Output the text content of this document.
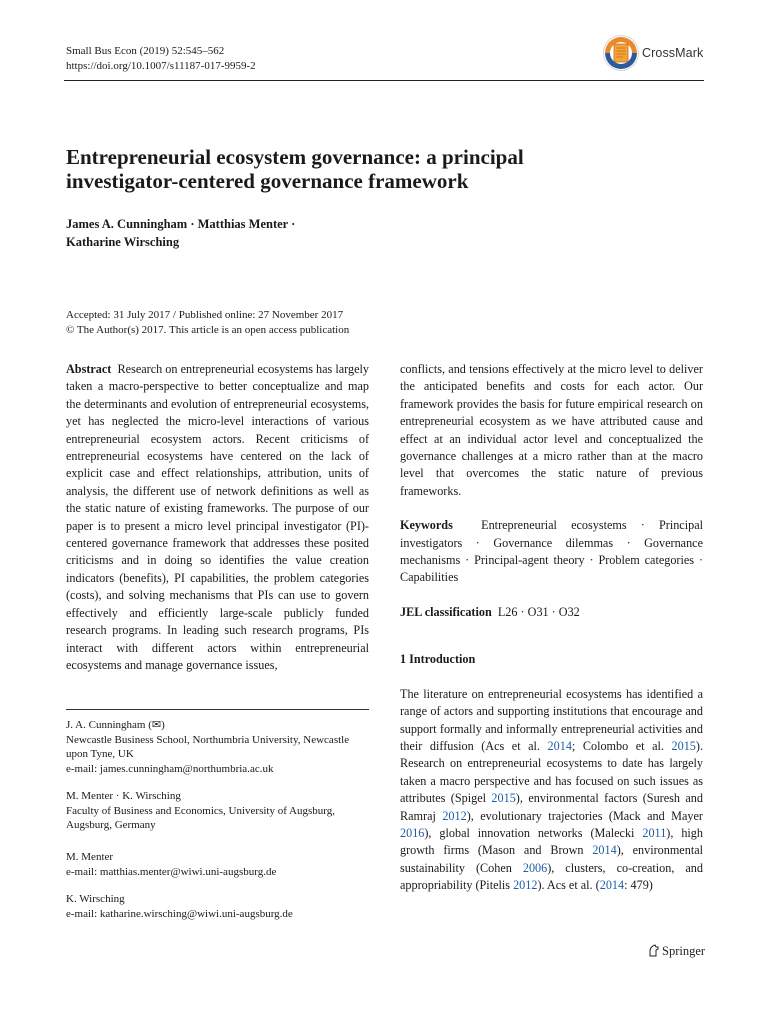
Small Bus Econ (2019) 52:545–562
https://doi.org/10.1007/s11187-017-9959-2
CrossMark
Entrepreneurial ecosystem governance: a principal investigator-centered governance framework
James A. Cunningham · Matthias Menter ·
Katharine Wirsching
Accepted: 31 July 2017 / Published online: 27 November 2017
© The Author(s) 2017. This article is an open access publication

Abstract Research on entrepreneurial ecosystems has largely taken a macro-perspective to better conceptualize and map the determinants and evolution of entrepreneurial ecosystems, yet has neglected the micro-level interactions of various entrepreneurial ecosystem actors. Recent criticisms of entrepreneurial ecosystems have centered on the lack of explicit case and effect relationships, attribution, units of analysis, the different use of network definitions as well as the static nature of existing frameworks. The purpose of our paper is to present a micro level principal investigator (PI)-centered governance framework that addresses these posited criticisms and in doing so identifies the value creation indicators (benefits), PI capabilities, the problem categories (costs), and solving mechanisms that PIs can use to govern effectively and efficiently large-scale publicly funded research programs. In leading such research programs, PIs interact with different actors within entrepreneurial ecosystems and manage governance issues,

J. A. Cunningham (✉)
Newcastle Business School, Northumbria University, Newcastle upon Tyne, UK
e-mail: james.cunningham@northumbria.ac.uk
M. Menter · K. Wirsching
Faculty of Business and Economics, University of Augsburg, Augsburg, Germany
M. Menter
e-mail: matthias.menter@wiwi.uni-augsburg.de
K. Wirsching
e-mail: katharine.wirsching@wiwi.uni-augsburg.de

conflicts, and tensions effectively at the micro level to deliver the anticipated benefits and costs for each actor. Our framework provides the basis for future empirical research on entrepreneurial ecosystem as we have attributed cause and effect at an individual actor level and conceptualized the governance challenges at a micro rather than at the macro level that overcomes the static nature of previous frameworks.

Keywords Entrepreneurial ecosystems · Principal investigators · Governance dilemmas · Governance mechanisms · Principal-agent theory · Problem categories · Capabilities

JEL classification L26 · O31 · O32

1 Introduction

The literature on entrepreneurial ecosystems has identified a range of actors and supporting institutions that encourage and support formally and informally entrepreneurial activities and their diffusion (Acs et al. 2014; Colombo et al. 2015). Research on entrepreneurial ecosystems to date has largely taken a macro perspective and has focused on such issues as attributes (Spigel 2015), environmental factors (Suresh and Ramraj 2012), evolutionary trajectories (Mack and Mayer 2016), global innovation networks (Malecki 2011), high growth firms (Mason and Brown 2014), environmental sustainability (Cohen 2006), clusters, co-creation, and appropriability (Pitelis 2012). Acs et al. (2014: 479)

Springer
